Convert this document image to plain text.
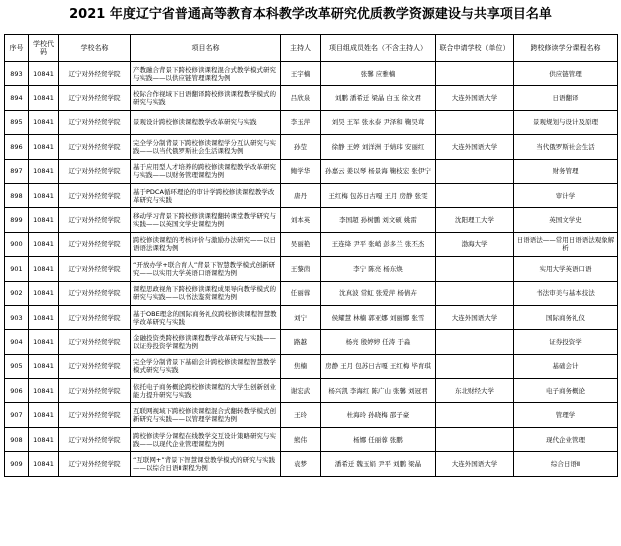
2021 年度辽宁省普通高等教育本科教学改革研究优质教学资源建设与共享项目名单
序号	学校代码	学校名称	项目名称	主持人	项目组成员姓名（不含主持人）	联合申请学校（单位）	跨校修读学分课程名称
893	10841	辽宁对外经贸学院	产教融合背景下跨校修读课程混合式教学模式研究与实践——以供应链管理课程为例	王宇楠	张馨 应雅楠		供应链管理
894	10841	辽宁对外经贸学院	校际合作视域下日语翻译跨校修读课程教学模式的研究与实践	吕欣泉	刘鹏 潘希迁 梁晶 白玉 徐文君	大连外国语大学	日语翻译
895	10841	辽宁对外经贸学院	景观设计跨校修读课程教学改革研究与实践	李玉萍	刘昊 王军 张永泰 尹泽和 鞠昊茸		景观规划与设计及原理
896	10841	辽宁对外经贸学院	完全学分制背景下跨校修读课程学分互认研究与实践——以当代俄罗斯社会生活课程为例	孙莹	徐静 王婷 刘洋洲 于婧玮 安丽红	大连外国语大学	当代俄罗斯社会生活
897	10841	辽宁对外经贸学院	基于应用型人才培养的跨校修读课程教学改革研究与实践——以财务管理课程为例	鲍学华	孙嘉云 姜以琴 杨景海 鞠枝宏 张伊宁		财务管理
898	10841	辽宁对外经贸学院	基于PDCA循环理论的审计学跨校修读课程教学改革研究与实践	唐丹	王红梅 包苏日古嘎 王月 房静 张雯		审计学
899	10841	辽宁对外经贸学院	移动学习背景下跨校修读课程翻转课堂教学研究与实践——以英国文学史课程为例	刘本英	李国超 孙树鹏 刘文硕 姚雷	沈阳理工大学	英国文学史
900	10841	辽宁对外经贸学院	跨校修读课程的考核评价与激励办法研究——以日语语法课程为例	吴丽艳	王连绛 尹平 张峭 彭多兰 张丕杰	渤海大学	日语语法——常用日语语法观象解析
901	10841	辽宁对外经贸学院	“开放办学+联合育人”背景下智慧教学模式创新研究——以实用大学英语口语课程为例	王黎茵	李宁 陈亮 杨东焕		实用大学英语口语
902	10841	辽宁对外经贸学院	课程思政视角下跨校修读课程成果导向教学模式的研究与实践——以书法鉴赏课程为例	任丽蓉	沈真波 常虹 张爱萍 杨倩卉		书法审美与基本技法
903	10841	辽宁对外经贸学院	基于OBE理念的国际商务礼仪跨校修读课程智慧教学改革研究与实践	刘宁	侯耀慧 林楠 郭亚娜 刘丽娜 张雪	大连外国语大学	国际商务礼仪
904	10841	辽宁对外经贸学院	金融投资类跨校修读课程教学改革研究与实践——以证券投资学课程为例	路越	杨亮 殷婷婷 任涛 于淼		证券投资学
905	10841	辽宁对外经贸学院	完全学分制背景下基础会计跨校修读课程智慧教学模式研究与实践	焦楠	房静 王月 包苏日古嘎 王红梅 毕育琪		基础会计
906	10841	辽宁对外经贸学院	依托电子商务概论跨校修读课程的大学生创新创业能力提升研究与实践	谢宏武	杨兴凯 李海红 陈广山 张馨 刘冠君	东北财经大学	电子商务概论
907	10841	辽宁对外经贸学院	互联网视域下跨校修读课程混合式翻转教学模式创新研究与实践——以管理学课程为例	王玲	杜海玲 孙晓梅 邵子豪		管理学
908	10841	辽宁对外经贸学院	跨校修读学分课程在线教学交互设计策略研究与实践——以现代企业管理课程为例	熊伟	杨娜 任丽蓉 张鹏		现代企业管理
909	10841	辽宁对外经贸学院	“互联网+”背景下智慧课堂教学模式的研究与实践——以综合日语Ⅱ课程为例	袁梦	潘希迁 魏玉娟 尹平 刘鹏 梁晶	大连外国语大学	综合日语Ⅱ
